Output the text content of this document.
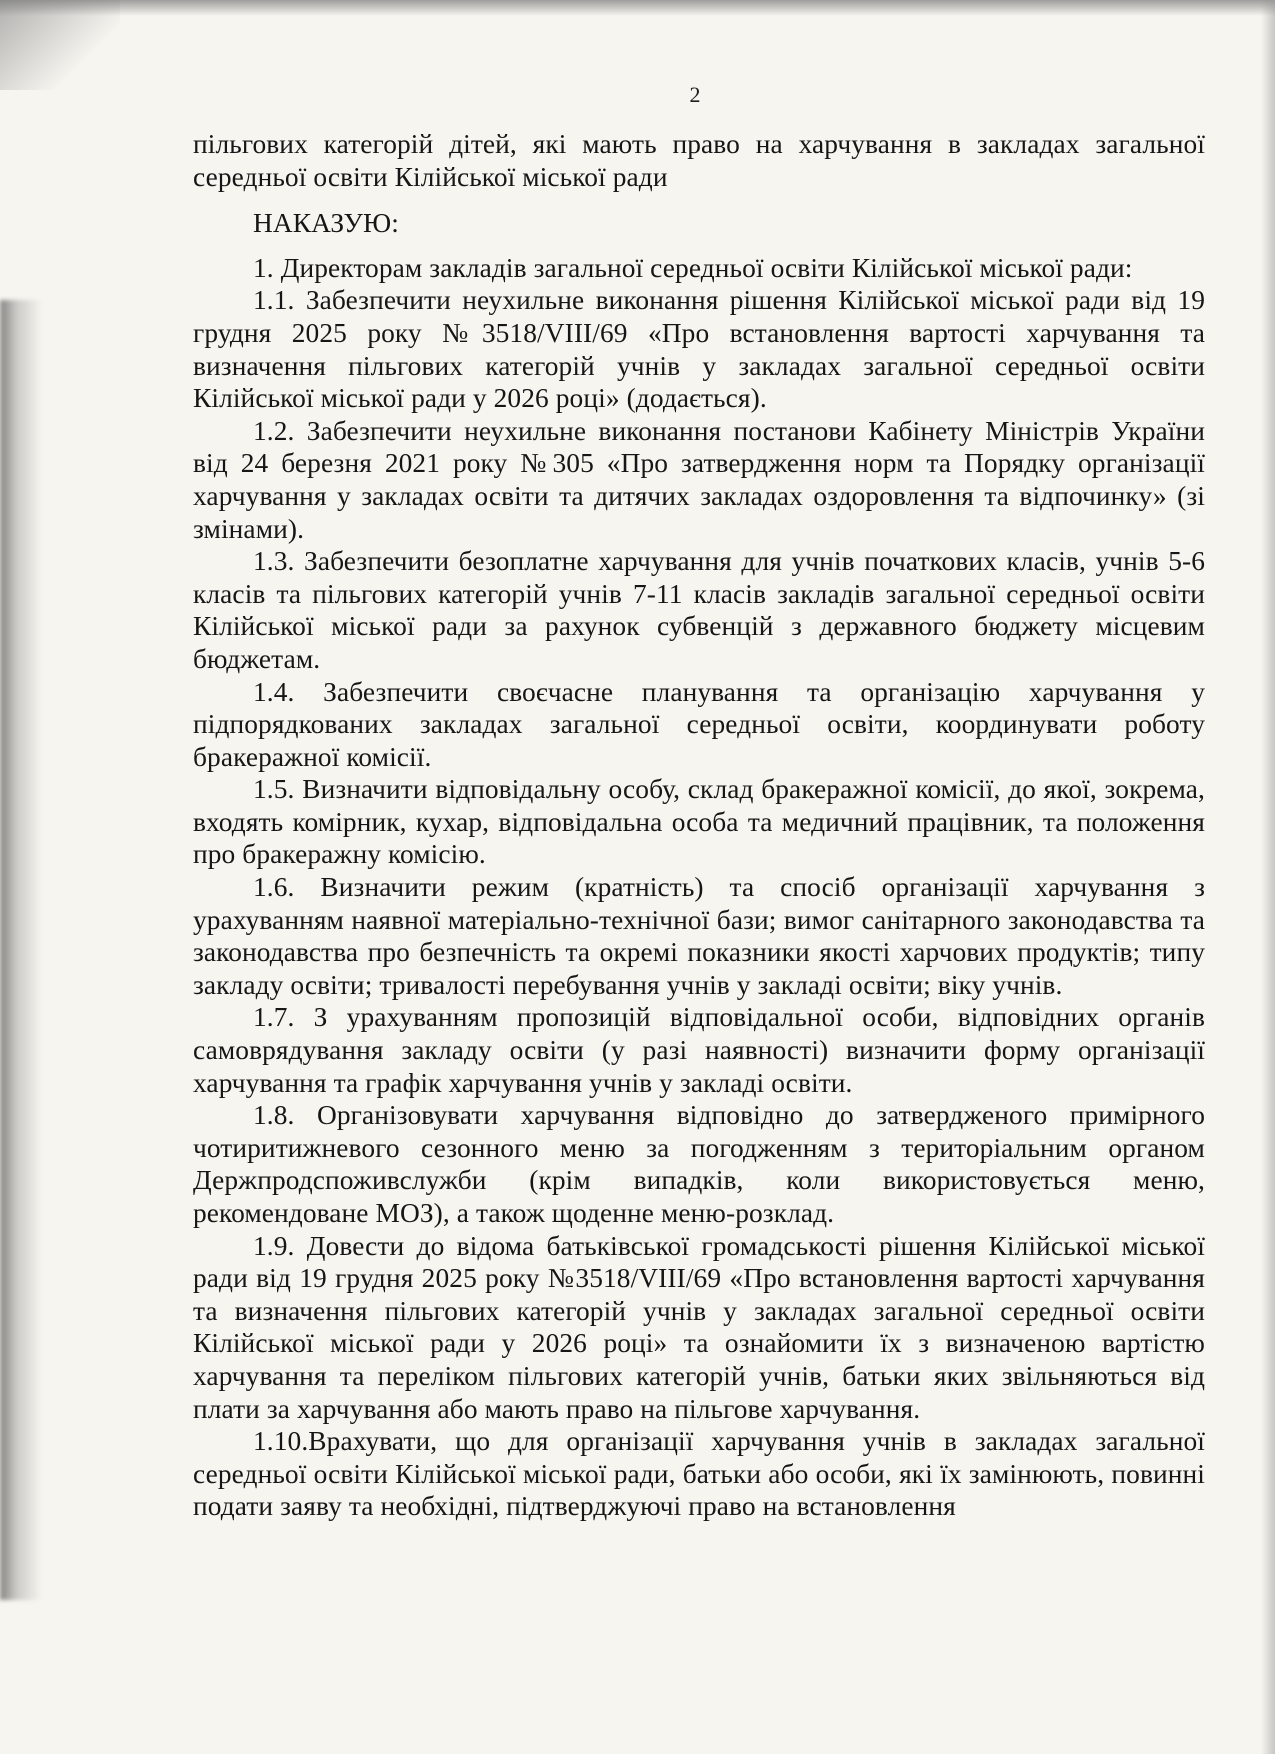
2

пільгових категорій дітей, які мають право на харчування в закладах загальної середньої освіти Кілійської міської ради

НАКАЗУЮ:

1. Директорам закладів загальної середньої освіти Кілійської міської ради:

1.1. Забезпечити неухильне виконання рішення Кілійської міської ради від 19 грудня 2025 року №3518/VIII/69 «Про встановлення вартості харчування та визначення пільгових категорій учнів у закладах загальної середньої освіти Кілійської міської ради у 2026 році» (додається).

1.2. Забезпечити неухильне виконання постанови Кабінету Міністрів України від 24 березня 2021 року №305 «Про затвердження норм та Порядку організації харчування у закладах освіти та дитячих закладах оздоровлення та відпочинку» (зі змінами).

1.3. Забезпечити безоплатне харчування для учнів початкових класів, учнів 5-6 класів та пільгових категорій учнів 7-11 класів закладів загальної середньої освіти Кілійської міської ради за рахунок субвенцій з державного бюджету місцевим бюджетам.

1.4. Забезпечити своєчасне планування та організацію харчування у підпорядкованих закладах загальної середньої освіти, координувати роботу бракеражної комісії.

1.5. Визначити відповідальну особу, склад бракеражної комісії, до якої, зокрема, входять комірник, кухар, відповідальна особа та медичний працівник, та положення про бракеражну комісію.

1.6. Визначити режим (кратність) та спосіб організації харчування з урахуванням наявної матеріально-технічної бази; вимог санітарного законодавства та законодавства про безпечність та окремі показники якості харчових продуктів; типу закладу освіти; тривалості перебування учнів у закладі освіти; віку учнів.

1.7. З урахуванням пропозицій відповідальної особи, відповідних органів самоврядування закладу освіти (у разі наявності) визначити форму організації харчування та графік харчування учнів у закладі освіти.

1.8. Організовувати харчування відповідно до затвердженого примірного чотиритижневого сезонного меню за погодженням з територіальним органом Держпродспоживслужби (крім випадків, коли використовується меню, рекомендоване МОЗ), а також щоденне меню-розклад.

1.9. Довести до відома батьківської громадськості рішення Кілійської міської ради від 19 грудня 2025 року №3518/VIII/69 «Про встановлення вартості харчування та визначення пільгових категорій учнів у закладах загальної середньої освіти Кілійської міської ради у 2026 році» та ознайомити їх з визначеною вартістю харчування та переліком пільгових категорій учнів, батьки яких звільняються від плати за харчування або мають право на пільгове харчування.

1.10.Врахувати, що для організації харчування учнів в закладах загальної середньої освіти Кілійської міської ради, батьки або особи, які їх замінюють, повинні подати заяву та необхідні, підтверджуючі право на встановлення
